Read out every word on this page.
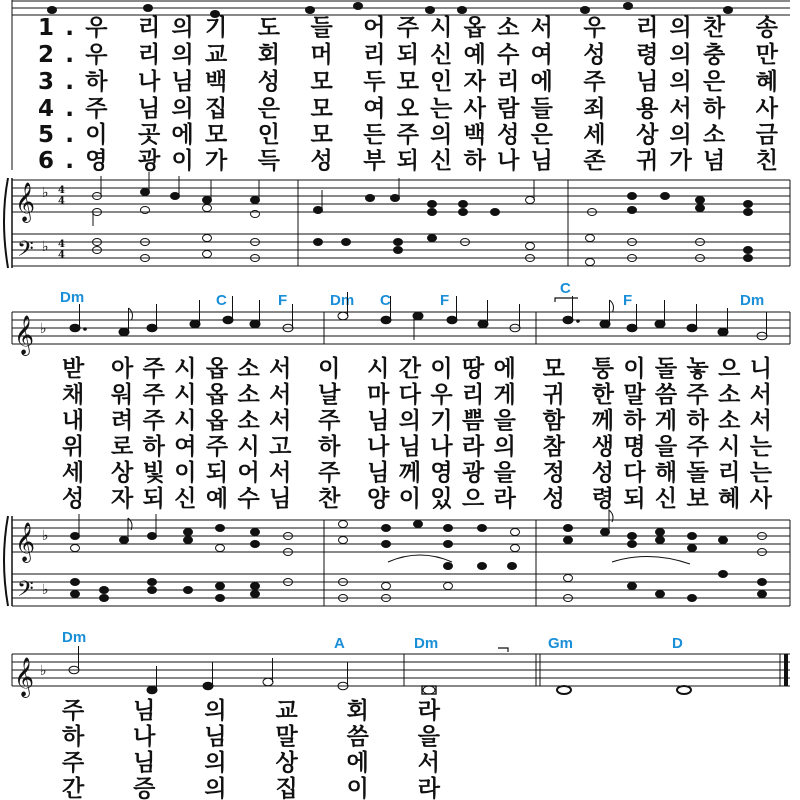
1.우 리의기 도 들 어주시옵소서 우 리의찬 송
2.우 리의교 회 머 리되신예수여 성 령의충 만
3.하 나님백 성 모 두모인자리에 주 님의은 혜
4.주 님의집 은 모 여오는사람들 죄 용서하 사
5.이 곳에모 인 모 든주의백성은 세 상의소 금
6.영 광이가 득 성 부되신하나님 존 귀가넘 친
𝄞
𝄢
♭
♭
4
4
4
4
Dm	C	F	Dm C	F
C
F	Dm
𝄞 ♭
받 아주시옵소서 이 시간이땅에 모 퉁이돌놓으니
채 워주시옵소서 날 마다우리게 귀 한말씀주소서
내 려주시옵소서 주 님의기쁨을 함 께하게하소서
위 로하여주시고 하 나님나라의 참 생명을주시는
세 상빛이되어서 주 님께영광을 정 성다해돌리는
성 자되신예수님 찬 양이있으라 성 령되신보혜사
𝄞
𝄢
♭
♭
Dm	A	Dm	Gm	D
𝄞 ♭
주 님 의 교 회 라
하 나 님 말 씀 을
주 님 의 상 에 서
간 증 의 집 이 라
